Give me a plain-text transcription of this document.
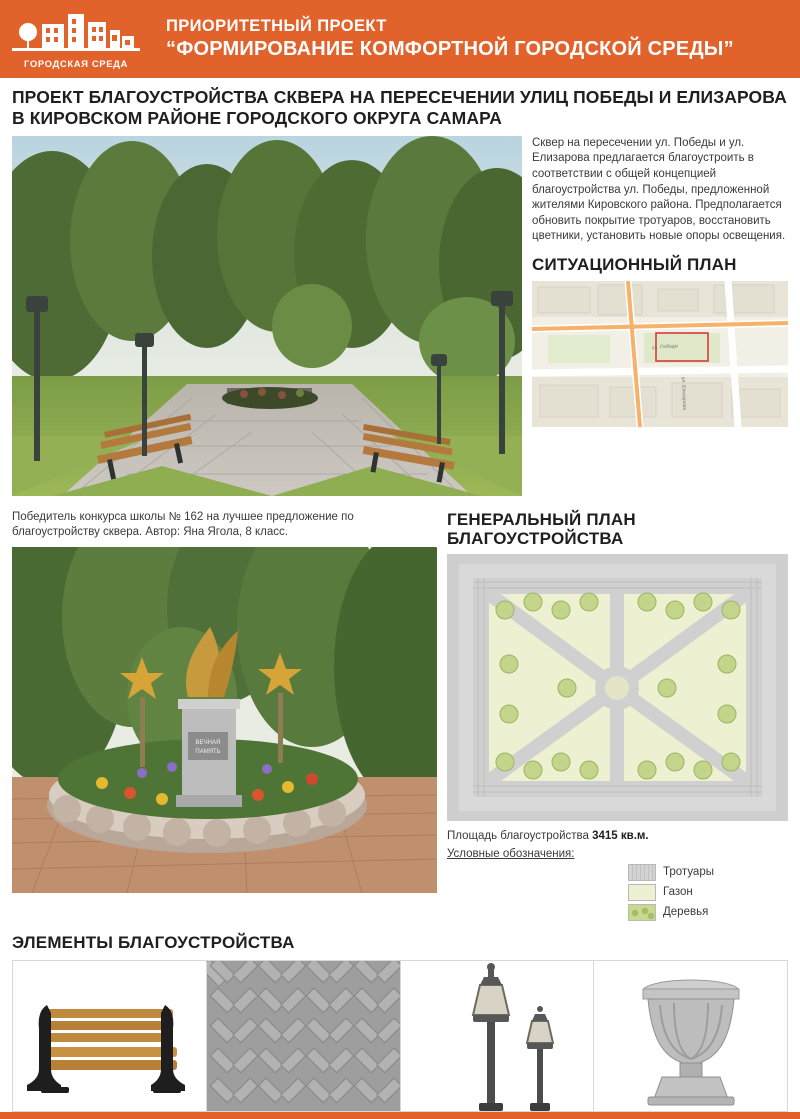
ГОРОДСКАЯ СРЕДА
ПРИОРИТЕТНЫЙ ПРОЕКТ
“ФОРМИРОВАНИЕ КОМФОРТНОЙ ГОРОДСКОЙ СРЕДЫ”
ПРОЕКТ БЛАГОУСТРОЙСТВА СКВЕРА НА ПЕРЕСЕЧЕНИИ УЛИЦ ПОБЕДЫ И ЕЛИЗАРОВА В КИРОВСКОМ РАЙОНЕ ГОРОДСКОГО ОКРУГА САМАРА
Сквер на пересечении ул. Победы и ул. Елизарова предлагается благоустроить в соответствии с общей концепцией благоустройства ул. Победы, предложенной жителями Кировского района. Предполагается обновить покрытие тротуаров, восстановить цветники, установить новые опоры освещения.
СИТУАЦИОННЫЙ ПЛАН
ул. Победы
ул. Елизарова
Победитель конкурса школы № 162 на лучшее предложение по благоустройству сквера. Автор: Яна Ягола, 8 класс.
ВЕЧНАЯ
ПАМЯТЬ
ГЕНЕРАЛЬНЫЙ ПЛАН БЛАГОУСТРОЙСТВА
Площадь благоустройства 3415 кв.м.
Условные обозначения:
Тротуары
Газон
Деревья
ЭЛЕМЕНТЫ БЛАГОУСТРОЙСТВА
